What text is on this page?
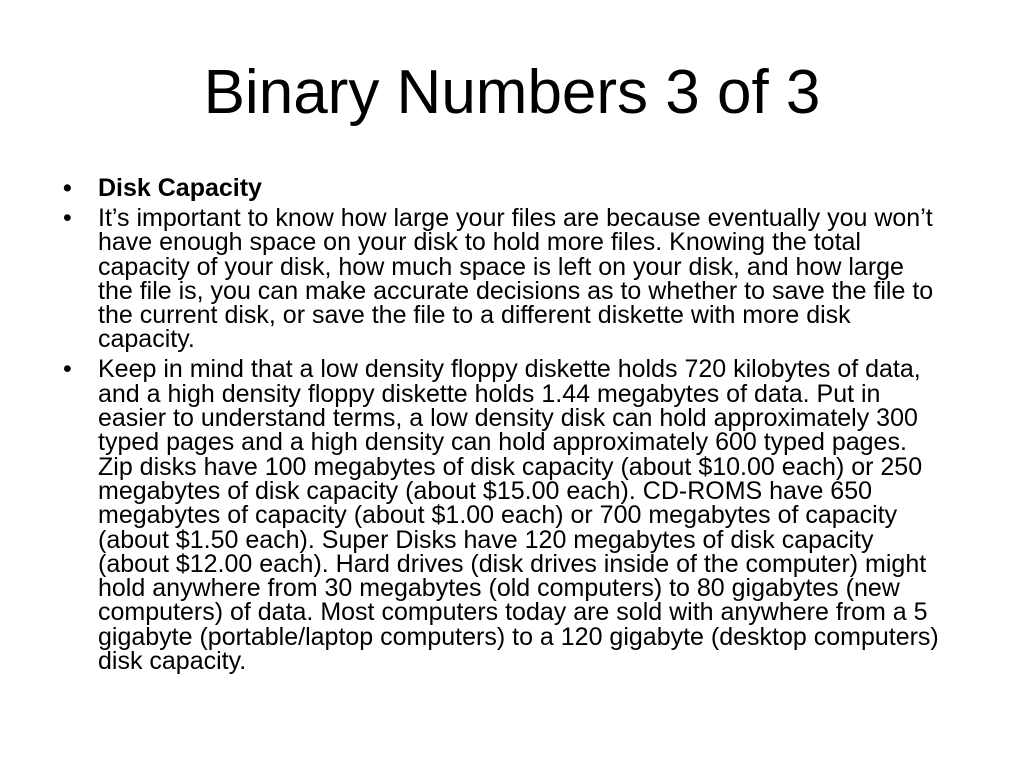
Binary Numbers 3 of 3
• Disk Capacity
• It’s important to know how large your files are because eventually you won’t
have enough space on your disk to hold more files. Knowing the total
capacity of your disk, how much space is left on your disk, and how large
the file is, you can make accurate decisions as to whether to save the file to
the current disk, or save the file to a different diskette with more disk
capacity.
• Keep in mind that a low density floppy diskette holds 720 kilobytes of data,
and a high density floppy diskette holds 1.44 megabytes of data. Put in
easier to understand terms, a low density disk can hold approximately 300
typed pages and a high density can hold approximately 600 typed pages.
Zip disks have 100 megabytes of disk capacity (about $10.00 each) or 250
megabytes of disk capacity (about $15.00 each). CD-ROMS have 650
megabytes of capacity (about $1.00 each) or 700 megabytes of capacity
(about $1.50 each). Super Disks have 120 megabytes of disk capacity
(about $12.00 each). Hard drives (disk drives inside of the computer) might
hold anywhere from 30 megabytes (old computers) to 80 gigabytes (new
computers) of data. Most computers today are sold with anywhere from a 5
gigabyte (portable/laptop computers) to a 120 gigabyte (desktop computers)
disk capacity.
